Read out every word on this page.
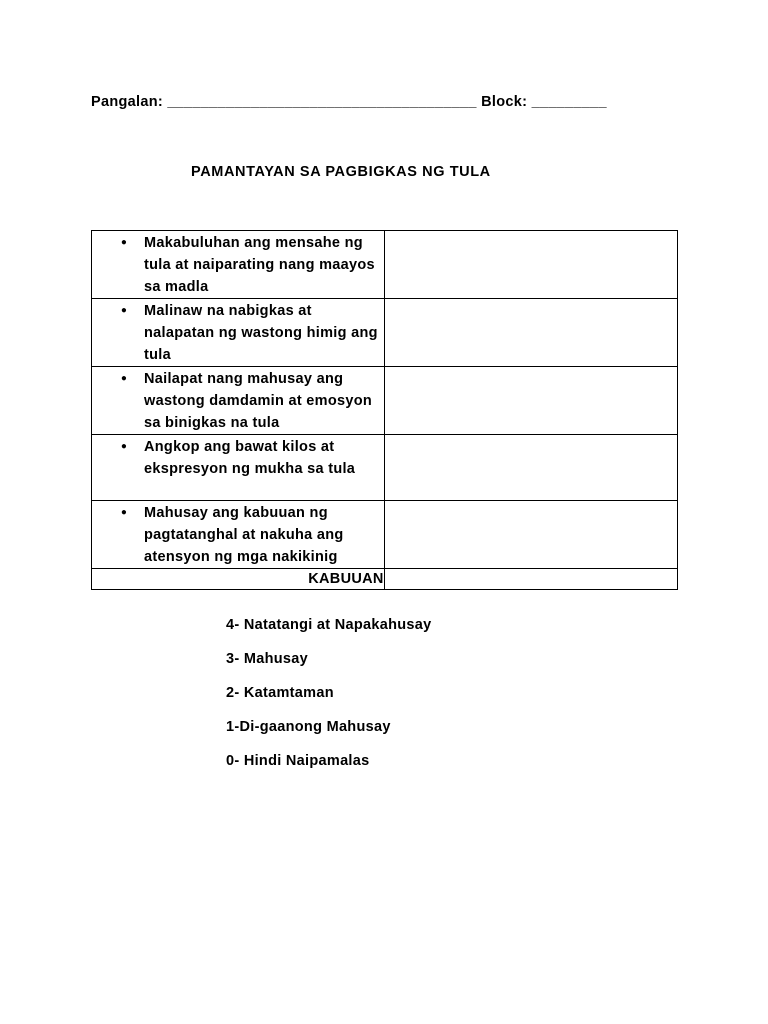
Pangalan: _____________________________________ Block: _________
PAMANTAYAN SA PAGBIGKAS NG TULA
● Makabuluhan ang mensahe ng tula at naiparating nang maayos sa madla	

● Malinaw na nabigkas at nalapatan ng wastong himig ang tula	

● Nailapat nang mahusay ang wastong damdamin at emosyon sa binigkas na tula	

● Angkop ang bawat kilos at ekspresyon ng mukha sa tula	

● Mahusay ang kabuuan ng pagtatanghal at nakuha ang atensyon ng mga nakikinig	

KABUUAN	
4- Natatangi at Napakahusay
3- Mahusay
2- Katamtaman
1-Di-gaanong Mahusay
0- Hindi Naipamalas
